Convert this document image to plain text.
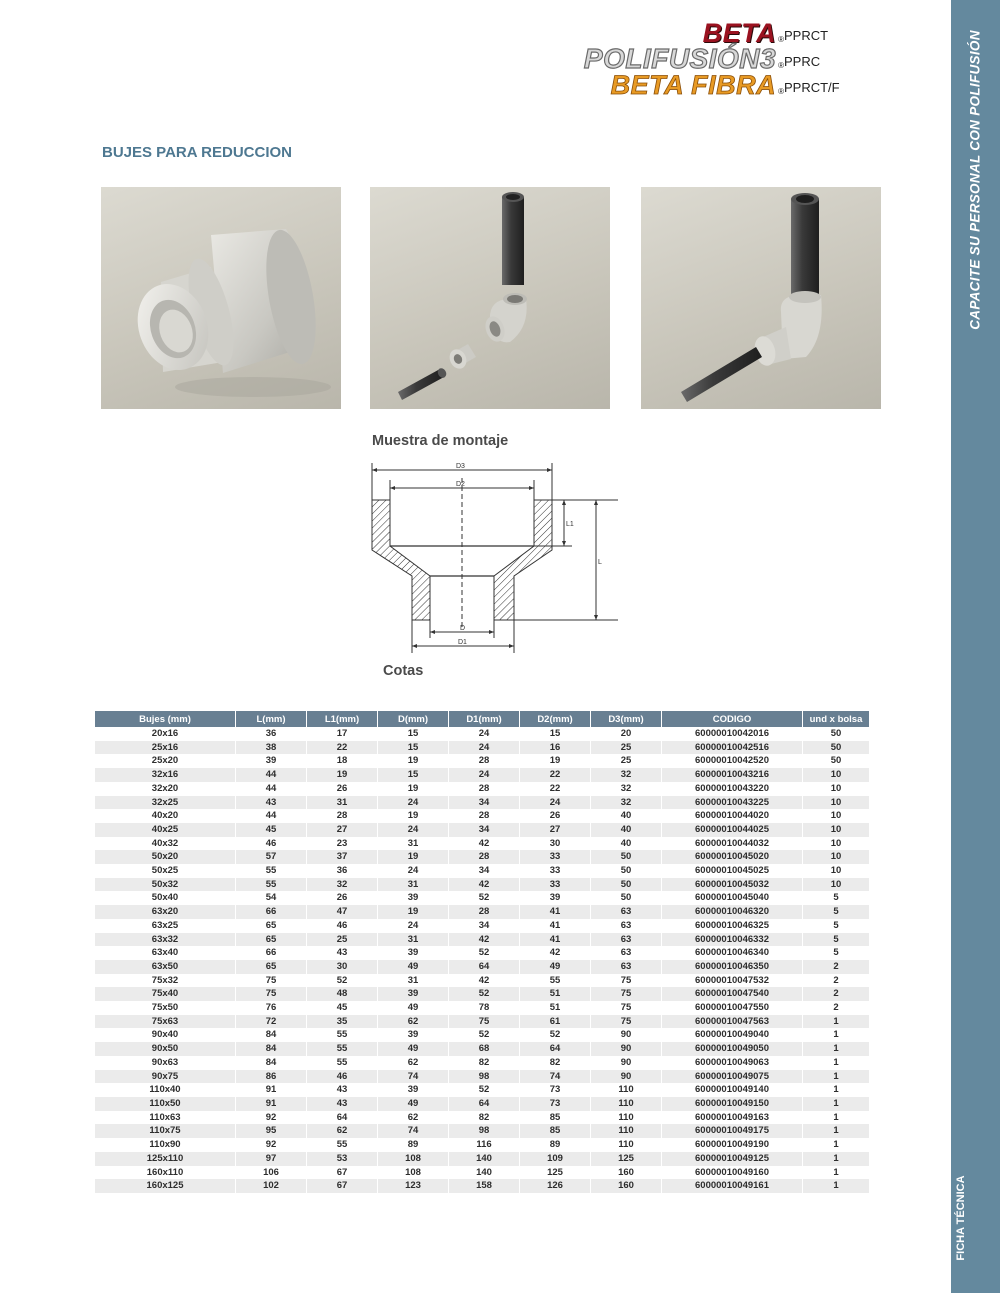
CAPACITE SU PERSONAL CON POLIFUSIÓN
FICHA TÉCNICA
BETA ® PPRCT
POLIFUSIÓN3 ® PPRC
BETA FIBRA ® PPRCT/F
BUJES PARA REDUCCION
Muestra de montaje
Cotas
D3
D2
D
D1
L1
L
Bujes (mm)	L(mm)	L1(mm)	D(mm)	D1(mm)	D2(mm)	D3(mm)	CODIGO	und x bolsa
20x16	36	17	15	24	15	20	60000010042016	50
25x16	38	22	15	24	16	25	60000010042516	50
25x20	39	18	19	28	19	25	60000010042520	50
32x16	44	19	15	24	22	32	60000010043216	10
32x20	44	26	19	28	22	32	60000010043220	10
32x25	43	31	24	34	24	32	60000010043225	10
40x20	44	28	19	28	26	40	60000010044020	10
40x25	45	27	24	34	27	40	60000010044025	10
40x32	46	23	31	42	30	40	60000010044032	10
50x20	57	37	19	28	33	50	60000010045020	10
50x25	55	36	24	34	33	50	60000010045025	10
50x32	55	32	31	42	33	50	60000010045032	10
50x40	54	26	39	52	39	50	60000010045040	5
63x20	66	47	19	28	41	63	60000010046320	5
63x25	65	46	24	34	41	63	60000010046325	5
63x32	65	25	31	42	41	63	60000010046332	5
63x40	66	43	39	52	42	63	60000010046340	5
63x50	65	30	49	64	49	63	60000010046350	2
75x32	75	52	31	42	55	75	60000010047532	2
75x40	75	48	39	52	51	75	60000010047540	2
75x50	76	45	49	78	51	75	60000010047550	2
75x63	72	35	62	75	61	75	60000010047563	1
90x40	84	55	39	52	52	90	60000010049040	1
90x50	84	55	49	68	64	90	60000010049050	1
90x63	84	55	62	82	82	90	60000010049063	1
90x75	86	46	74	98	74	90	60000010049075	1
110x40	91	43	39	52	73	110	60000010049140	1
110x50	91	43	49	64	73	110	60000010049150	1
110x63	92	64	62	82	85	110	60000010049163	1
110x75	95	62	74	98	85	110	60000010049175	1
110x90	92	55	89	116	89	110	60000010049190	1
125x110	97	53	108	140	109	125	60000010049125	1
160x110	106	67	108	140	125	160	60000010049160	1
160x125	102	67	123	158	126	160	60000010049161	1
